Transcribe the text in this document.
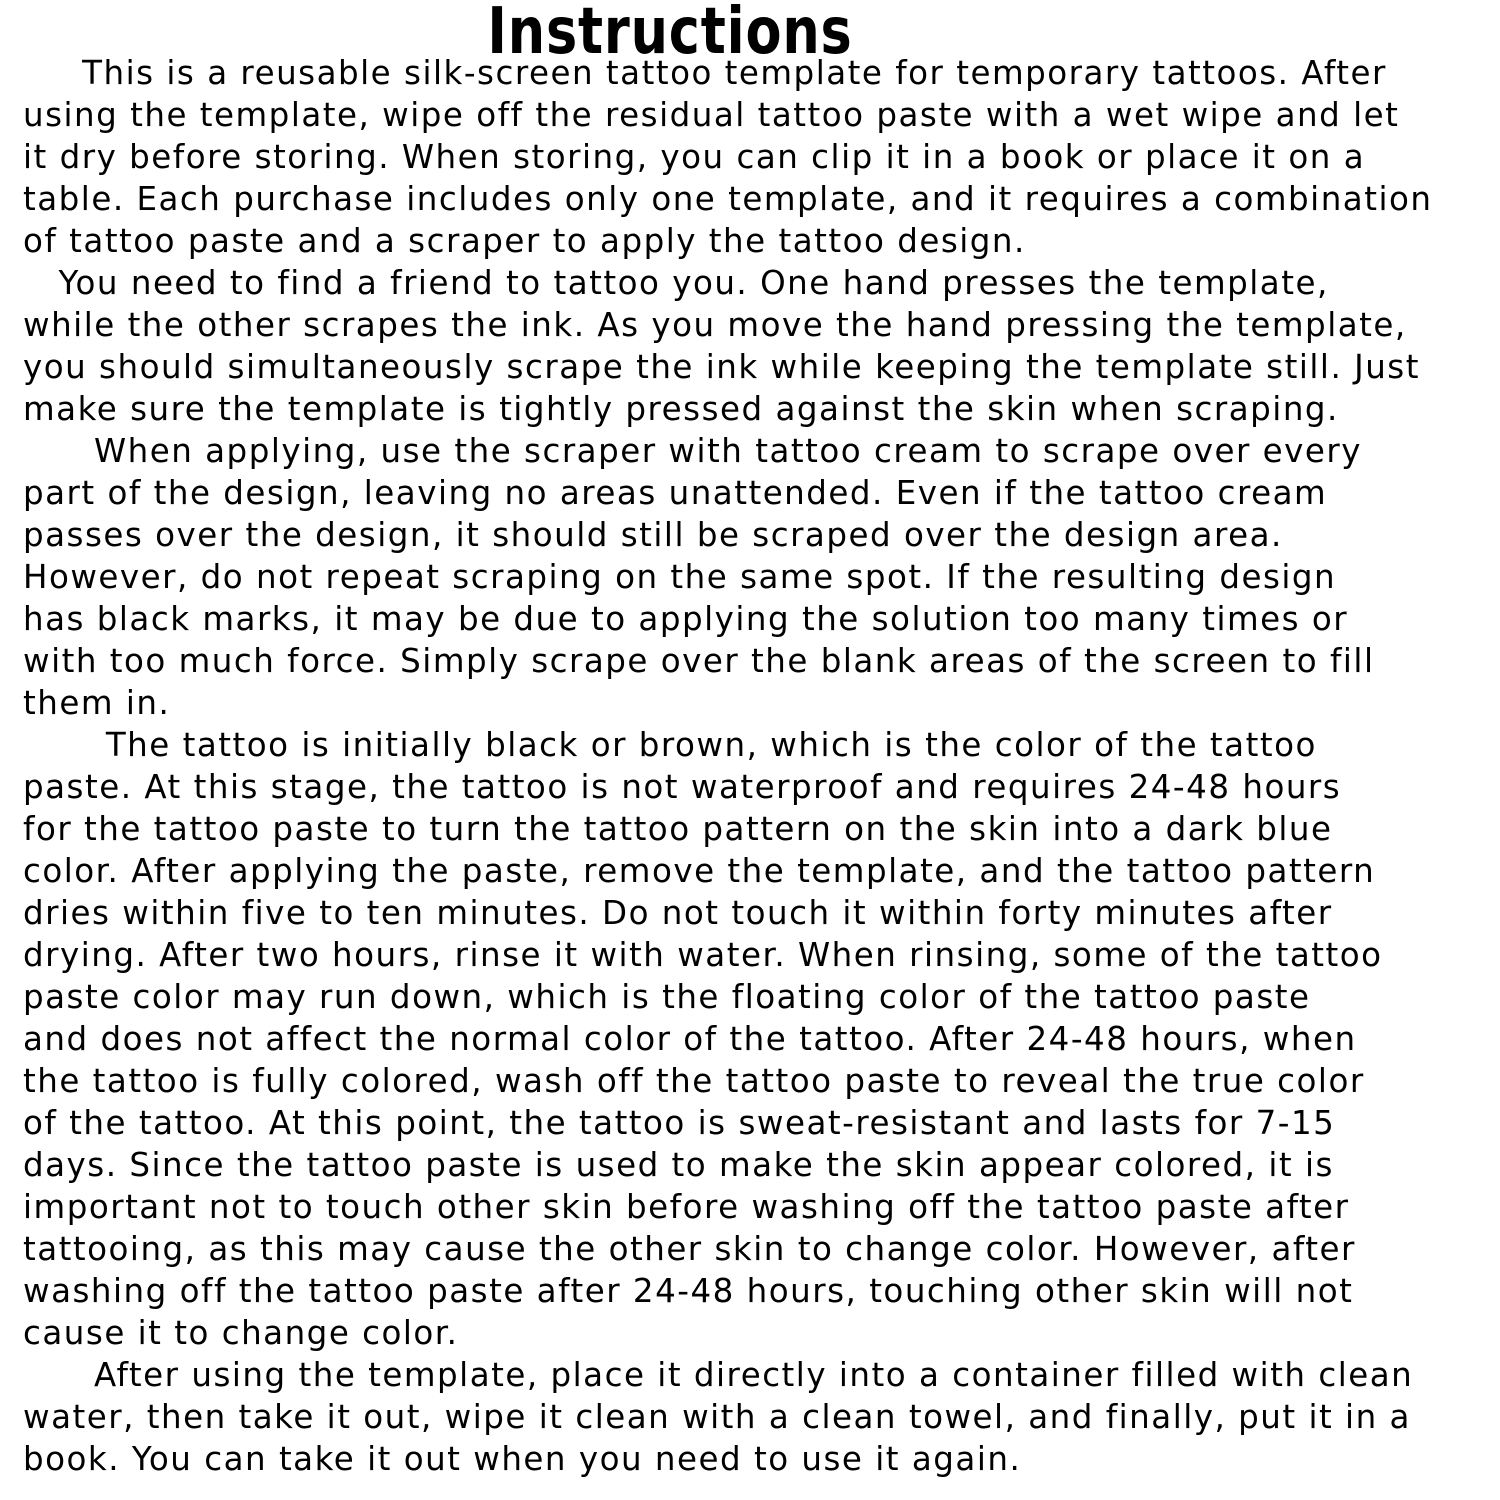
Instructions
This is a reusable silk-screen tattoo template for temporary tattoos. After
using the template, wipe off the residual tattoo paste with a wet wipe and let
it dry before storing. When storing, you can clip it in a book or place it on a
table. Each purchase includes only one template, and it requires a combination
of tattoo paste and a scraper to apply the tattoo design.
You need to find a friend to tattoo you. One hand presses the template,
while the other scrapes the ink. As you move the hand pressing the template,
you should simultaneously scrape the ink while keeping the template still. Just
make sure the template is tightly pressed against the skin when scraping.
When applying, use the scraper with tattoo cream to scrape over every
part of the design, leaving no areas unattended. Even if the tattoo cream
passes over the design, it should still be scraped over the design area.
However, do not repeat scraping on the same spot. If the resulting design
has black marks, it may be due to applying the solution too many times or
with too much force. Simply scrape over the blank areas of the screen to fill
them in.
The tattoo is initially black or brown, which is the color of the tattoo
paste. At this stage, the tattoo is not waterproof and requires 24-48 hours
for the tattoo paste to turn the tattoo pattern on the skin into a dark blue
color. After applying the paste, remove the template, and the tattoo pattern
dries within five to ten minutes. Do not touch it within forty minutes after
drying. After two hours, rinse it with water. When rinsing, some of the tattoo
paste color may run down, which is the floating color of the tattoo paste
and does not affect the normal color of the tattoo. After 24-48 hours, when
the tattoo is fully colored, wash off the tattoo paste to reveal the true color
of the tattoo. At this point, the tattoo is sweat-resistant and lasts for 7-15
days. Since the tattoo paste is used to make the skin appear colored, it is
important not to touch other skin before washing off the tattoo paste after
tattooing, as this may cause the other skin to change color. However, after
washing off the tattoo paste after 24-48 hours, touching other skin will not
cause it to change color.
After using the template, place it directly into a container filled with clean
water, then take it out, wipe it clean with a clean towel, and finally, put it in a
book. You can take it out when you need to use it again.
